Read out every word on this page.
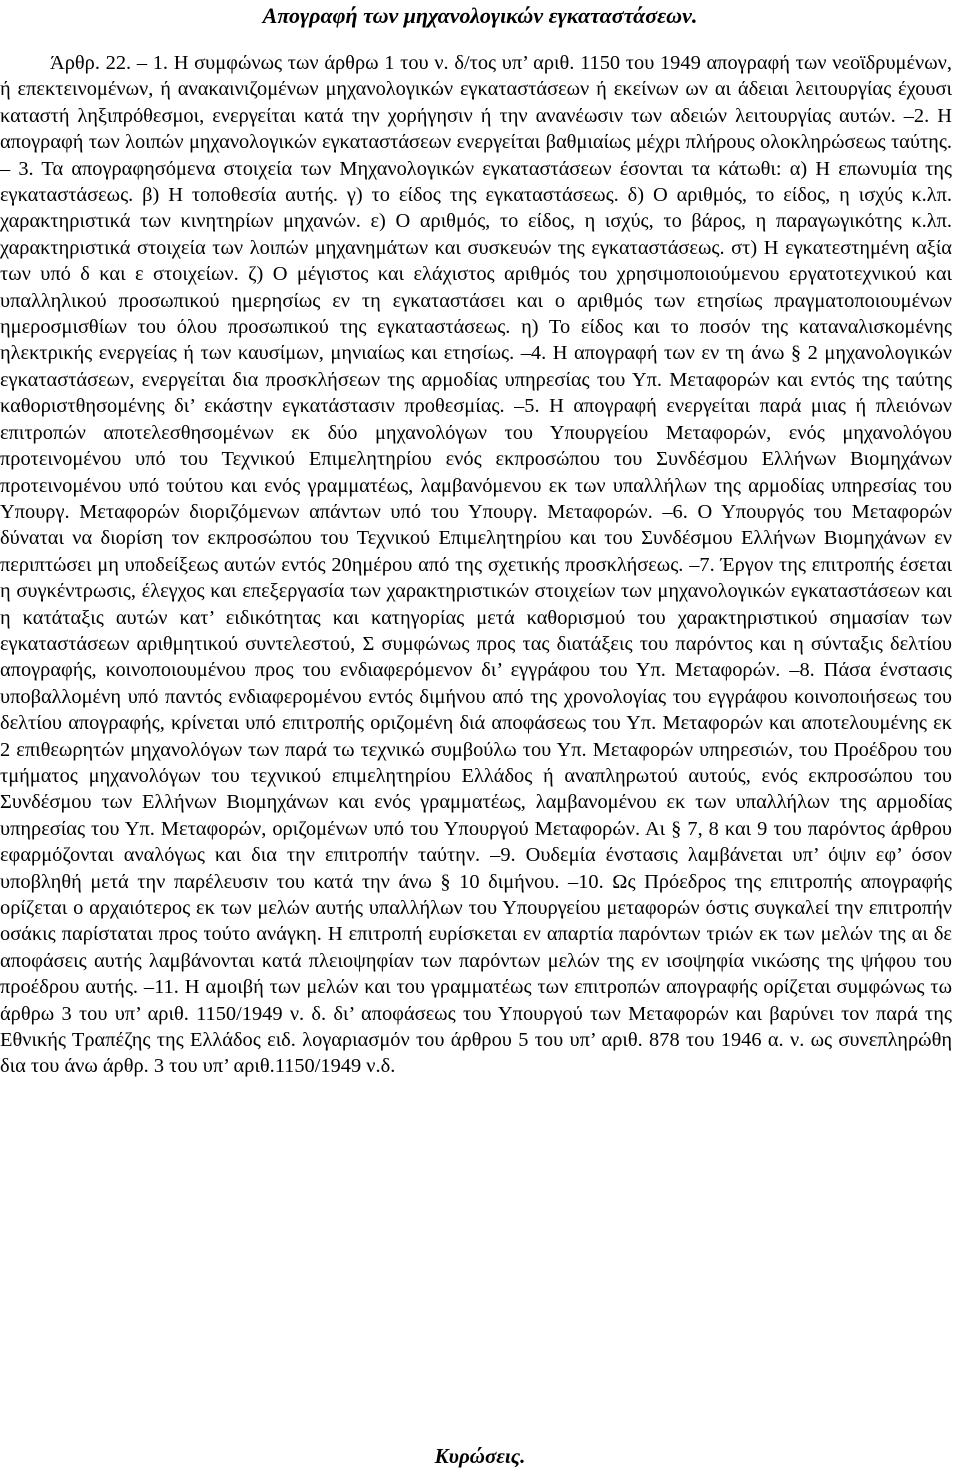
Απογραφή των μηχανολογικών εγκαταστάσεων.

Άρθρ. 22. – 1. Η συμφώνως των άρθρω 1 του ν. δ/τος υπ’ αριθ. 1150 του 1949 απογραφή των νεοϊδρυμένων, ή επεκτεινομένων, ή ανακαινιζομένων μηχανολογικών εγκαταστάσεων ή εκείνων ων αι άδειαι λειτουργίας έχουσι καταστή ληξιπρόθεσμοι, ενεργείται κατά την χορήγησιν ή την ανανέωσιν των αδειών λειτουργίας αυτών. –2. Η απογραφή των λοιπών μηχανολογικών εγκαταστάσεων ενεργείται βαθμιαίως μέχρι πλήρους ολοκληρώσεως ταύτης. – 3. Τα απογραφησόμενα στοιχεία των Μηχανολογικών εγκαταστάσεων έσονται τα κάτωθι: α) Η επωνυμία της εγκαταστάσεως. β) Η τοποθεσία αυτής. γ) το είδος της εγκαταστάσεως. δ) Ο αριθμός, το είδος, η ισχύς κ.λπ. χαρακτηριστικά των κινητηρίων μηχανών. ε) Ο αριθμός, το είδος, η ισχύς, το βάρος, η παραγωγικότης κ.λπ. χαρακτηριστικά στοιχεία των λοιπών μηχανημάτων και συσκευών της εγκαταστάσεως. στ) Η εγκατεστημένη αξία των υπό δ και ε στοιχείων. ζ) Ο μέγιστος και ελάχιστος αριθμός του χρησιμοποιούμενου εργατοτεχνικού και υπαλληλικού προσωπικού ημερησίως εν τη εγκαταστάσει και ο αριθμός των ετησίως πραγματοποιουμένων ημεροσμισθίων του όλου προσωπικού της εγκαταστάσεως. η) Το είδος και το ποσόν της καταναλισκομένης ηλεκτρικής ενεργείας ή των καυσίμων, μηνιαίως και ετησίως. –4. Η απογραφή των εν τη άνω § 2 μηχανολογικών εγκαταστάσεων, ενεργείται δια προσκλήσεων της αρμοδίας υπηρεσίας του Υπ. Μεταφορών και εντός της ταύτης καθοριστθησομένης δι’ εκάστην εγκατάστασιν προθεσμίας. –5. Η απογραφή ενεργείται παρά μιας ή πλειόνων επιτροπών αποτελεσθησομένων εκ δύο μηχανολόγων του Υπουργείου Μεταφορών, ενός μηχανολόγου προτεινομένου υπό του Τεχνικού Επιμελητηρίου ενός εκπροσώπου του Συνδέσμου Ελλήνων Βιομηχάνων προτεινομένου υπό τούτου και ενός γραμματέως, λαμβανόμενου εκ των υπαλλήλων της αρμοδίας υπηρεσίας του Υπουργ. Μεταφορών διοριζόμενων απάντων υπό του Υπουργ. Μεταφορών. –6. Ο Υπουργός του Μεταφορών δύναται να διορίση τον εκπροσώπου του Τεχνικού Επιμελητηρίου και του Συνδέσμου Ελλήνων Βιομηχάνων εν περιπτώσει μη υποδείξεως αυτών εντός 20ημέρου από της σχετικής προσκλήσεως. –7. Έργον της επιτροπής έσεται η συγκέντρωσις, έλεγχος και επεξεργασία των χαρακτηριστικών στοιχείων των μηχανολογικών εγκαταστάσεων και η κατάταξις αυτών κατ’ ειδικότητας και κατηγορίας μετά καθορισμού του χαρακτηριστικού σημασίαν των εγκαταστάσεων αριθμητικού συντελεστού, Σ συμφώνως προς τας διατάξεις του παρόντος και η σύνταξις δελτίου απογραφής, κοινοποιουμένου προς του ενδιαφερόμενον δι’ εγγράφου του Υπ. Μεταφορών. –8. Πάσα ένστασις υποβαλλομένη υπό παντός ενδιαφερομένου εντός διμήνου από της χρονολογίας του εγγράφου κοινοποιήσεως του δελτίου απογραφής, κρίνεται υπό επιτροπής οριζομένη διά αποφάσεως του Υπ. Μεταφορών και αποτελουμένης εκ 2 επιθεωρητών μηχανολόγων των παρά τω τεχνικώ συμβούλω του Υπ. Μεταφορών υπηρεσιών, του Προέδρου του τμήματος μηχανολόγων του τεχνικού επιμελητηρίου Ελλάδος ή αναπληρωτού αυτούς, ενός εκπροσώπου του Συνδέσμου των Ελλήνων Βιομηχάνων και ενός γραμματέως, λαμβανομένου εκ των υπαλλήλων της αρμοδίας υπηρεσίας του Υπ. Μεταφορών, οριζομένων υπό του Υπουργού Μεταφορών. Αι § 7, 8 και 9 του παρόντος άρθρου εφαρμόζονται αναλόγως και δια την επιτροπήν ταύτην. –9. Ουδεμία ένστασις λαμβάνεται υπ’ όψιν εφ’ όσον υποβληθή μετά την παρέλευσιν του κατά την άνω § 10 διμήνου. –10. Ως Πρόεδρος της επιτροπής απογραφής ορίζεται ο αρχαιότερος εκ των μελών αυτής υπαλλήλων του Υπουργείου μεταφορών όστις συγκαλεί την επιτροπήν οσάκις παρίσταται προς τούτο ανάγκη. Η επιτροπή ευρίσκεται εν απαρτία παρόντων τριών εκ των μελών της αι δε αποφάσεις αυτής λαμβάνονται κατά πλειοψηφίαν των παρόντων μελών της εν ισοψηφία νικώσης της ψήφου του προέδρου αυτής. –11. Η αμοιβή των μελών και του γραμματέως των επιτροπών απογραφής ορίζεται συμφώνως τω άρθρω 3 του υπ’ αριθ. 1150/1949 ν. δ. δι’ αποφάσεως του Υπουργού των Μεταφορών και βαρύνει τον παρά της Εθνικής Τραπέζης της Ελλάδος ειδ. λογαριασμόν του άρθρου 5 του υπ’ αριθ. 878 του 1946 α. ν. ως συνεπληρώθη δια του άνω άρθρ. 3 του υπ’ αριθ.1150/1949 ν.δ.

Κυρώσεις.
